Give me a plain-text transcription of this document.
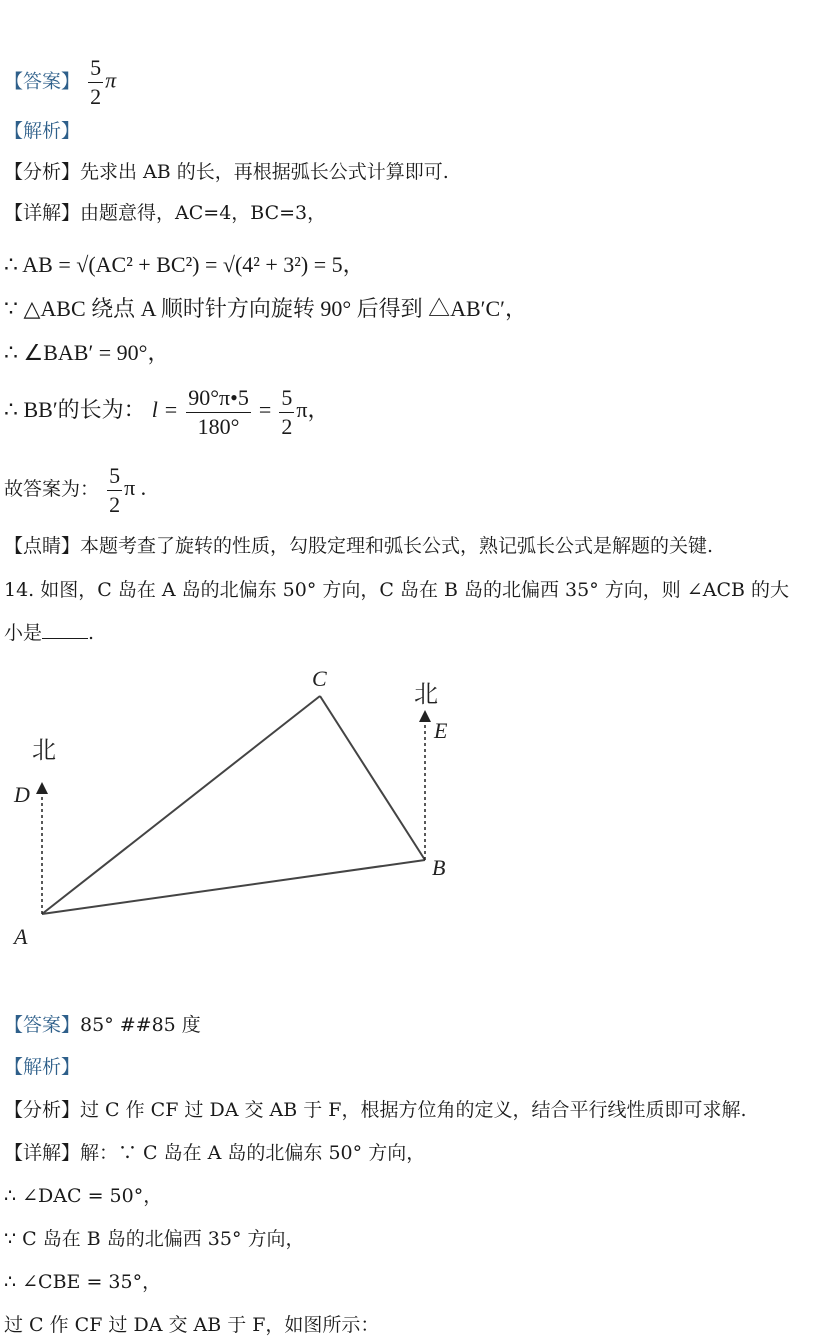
【答案】 $\frac{5}{2}$ π
【解析】
【分析】先求出 AB 的长，再根据弧长公式计算即可.
【详解】由题意得，AC=4，BC=3，
∴ AB = √(AC² + BC²) = √(4² + 3²) = 5，
∵ △ABC 绕点 A 顺时针方向旋转 90° 后得到 △AB′C′，
∴ ∠BAB′ = 90°，
∴ BB′的长为： $l = \frac{90^\circ\pi•5}{180^\circ} = \frac{5}{2}$ π，
故答案为： $\frac{5}{2}$ π .
【点睛】本题考查了旋转的性质，勾股定理和弧长公式，熟记弧长公式是解题的关键.
14. 如图，C 岛在 A 岛的北偏东 50° 方向，C 岛在 B 岛的北偏西 35° 方向，则 ∠ACB 的大
小是 .
C
A
B
D
E
北
北
【答案】85° ##85 度
【解析】
【分析】过 C 作 CF 过 DA 交 AB 于 F，根据方位角的定义，结合平行线性质即可求解.
【详解】解：∵ C 岛在 A 岛的北偏东 50° 方向，
∴ ∠DAC = 50°，
∵ C 岛在 B 岛的北偏西 35° 方向，
∴ ∠CBE = 35°，
过 C 作 CF 过 DA 交 AB 于 F，如图所示：
